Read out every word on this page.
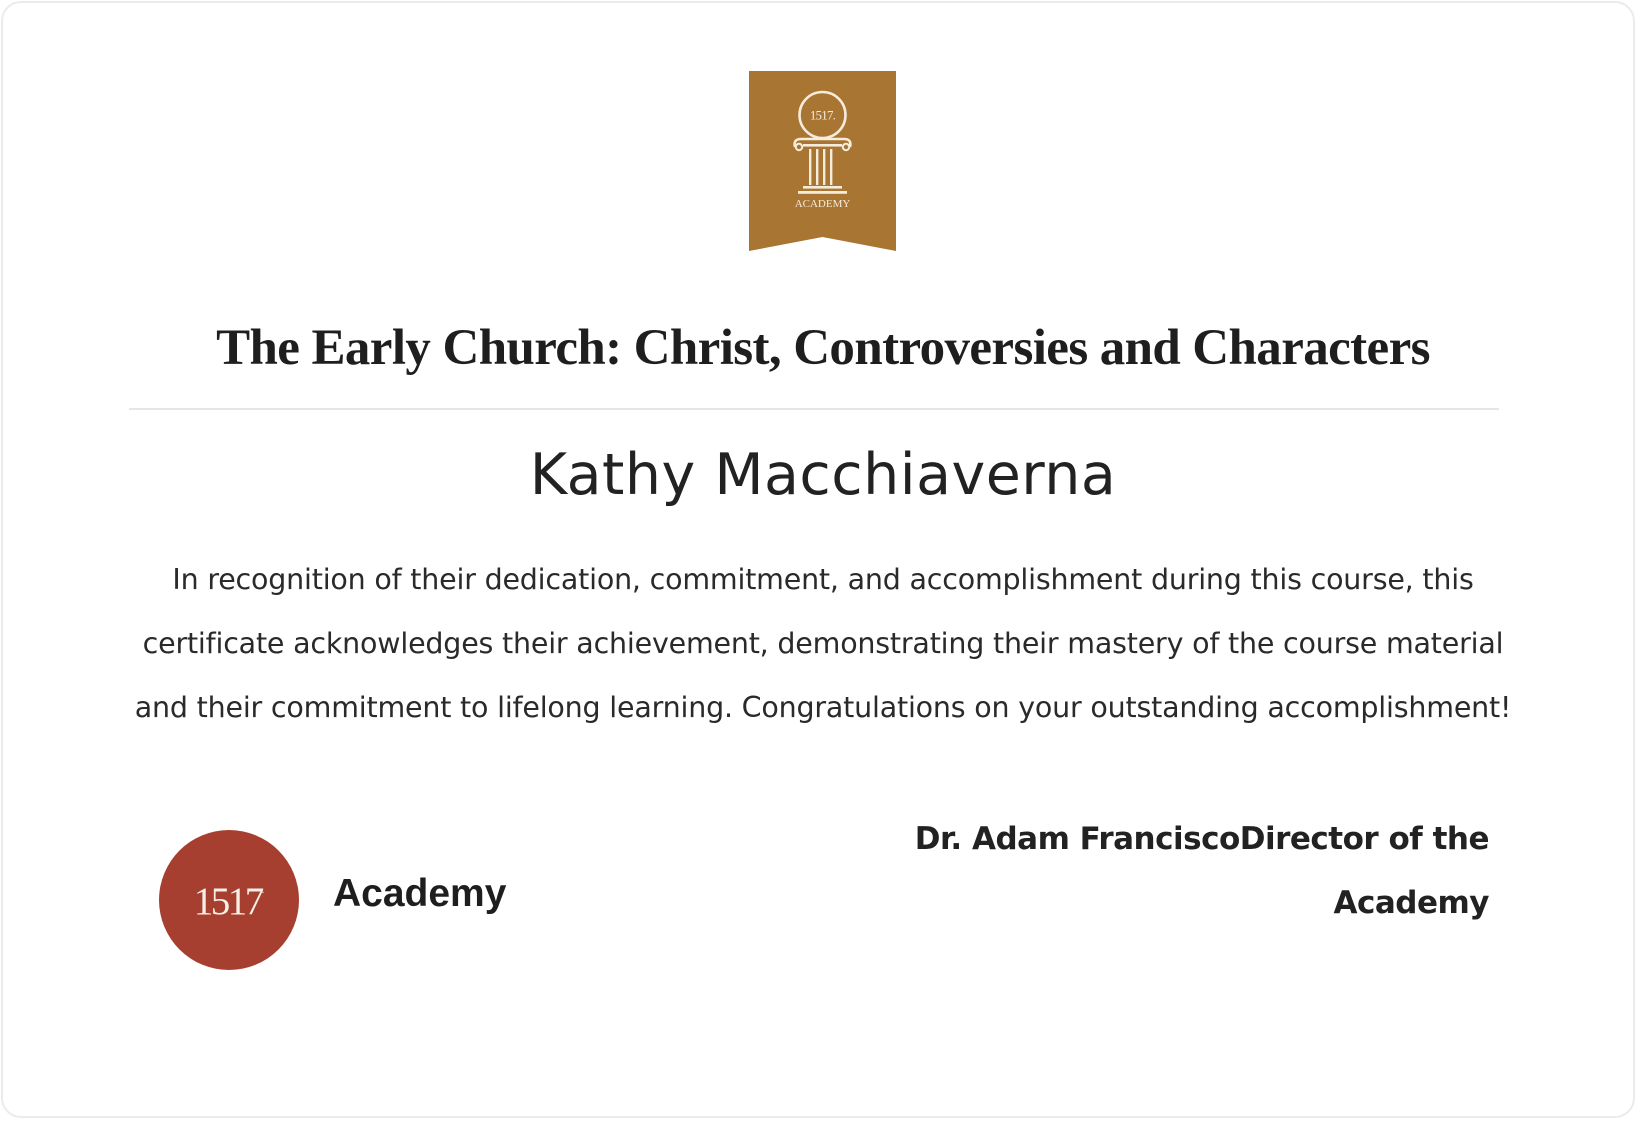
1517.
ACADEMY
The Early Church: Christ, Controversies and Characters
Kathy Macchiaverna

In recognition of their dedication, commitment, and accomplishment during this course, this certificate acknowledges their achievement, demonstrating their mastery of the course material and their commitment to lifelong learning. Congratulations on your outstanding accomplishment!

1517. Academy
Dr. Adam FranciscoDirector of the Academy
